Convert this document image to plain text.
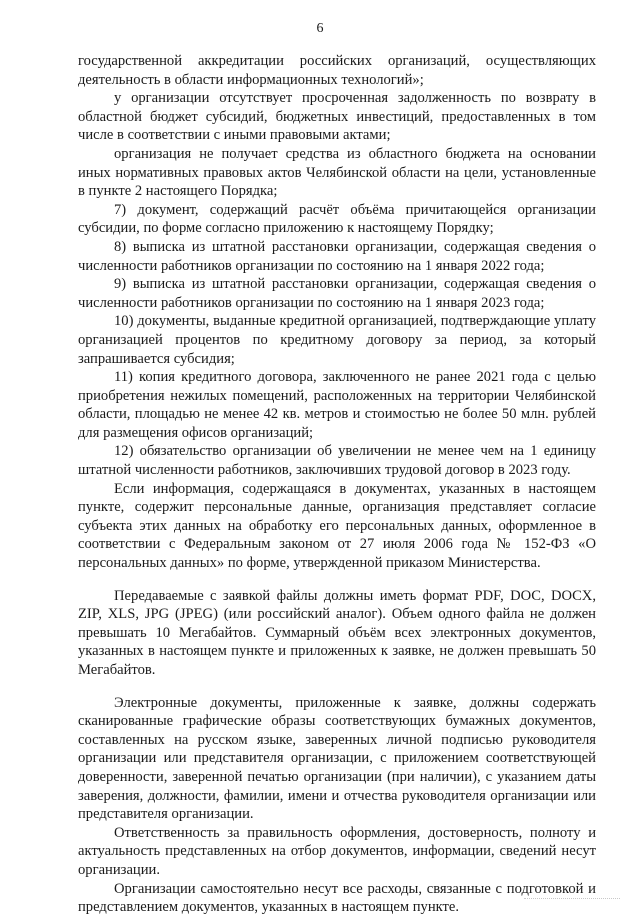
6

государственной аккредитации российских организаций, осуществляющих деятельность в области информационных технологий»;

у организации отсутствует просроченная задолженность по возврату в областной бюджет субсидий, бюджетных инвестиций, предоставленных в том числе в соответствии с иными правовыми актами;

организация не получает средства из областного бюджета на основании иных нормативных правовых актов Челябинской области на цели, установленные в пункте 2 настоящего Порядка;

7) документ, содержащий расчёт объёма причитающейся организации субсидии, по форме согласно приложению к настоящему Порядку;

8) выписка из штатной расстановки организации, содержащая сведения о численности работников организации по состоянию на 1 января 2022 года;

9) выписка из штатной расстановки организации, содержащая сведения о численности работников организации по состоянию на 1 января 2023 года;

10) документы, выданные кредитной организацией, подтверждающие уплату организацией процентов по кредитному договору за период, за который запрашивается субсидия;

11) копия кредитного договора, заключенного не ранее 2021 года с целью приобретения нежилых помещений, расположенных на территории Челябинской области, площадью не менее 42 кв. метров и стоимостью не более 50 млн. рублей для размещения офисов организаций;

12) обязательство организации об увеличении не менее чем на 1 единицу штатной численности работников, заключивших трудовой договор в 2023 году.

Если информация, содержащаяся в документах, указанных в настоящем пункте, содержит персональные данные, организация представляет согласие субъекта этих данных на обработку его персональных данных, оформленное в соответствии с Федеральным законом от 27 июля 2006 года № 152-ФЗ «О персональных данных» по форме, утвержденной приказом Министерства.

Передаваемые с заявкой файлы должны иметь формат PDF, DOC, DOCX, ZIP, XLS, JPG (JPEG) (или российский аналог). Объем одного файла не должен превышать 10 Мегабайтов. Суммарный объём всех электронных документов, указанных в настоящем пункте и приложенных к заявке, не должен превышать 50 Мегабайтов.

Электронные документы, приложенные к заявке, должны содержать сканированные графические образы соответствующих бумажных документов, составленных на русском языке, заверенных личной подписью руководителя организации или представителя организации, с приложением соответствующей доверенности, заверенной печатью организации (при наличии), с указанием даты заверения, должности, фамилии, имени и отчества руководителя организации или представителя организации.

Ответственность за правильность оформления, достоверность, полноту и актуальность представленных на отбор документов, информации, сведений несут организации.

Организации самостоятельно несут все расходы, связанные с подготовкой и представлением документов, указанных в настоящем пункте.
